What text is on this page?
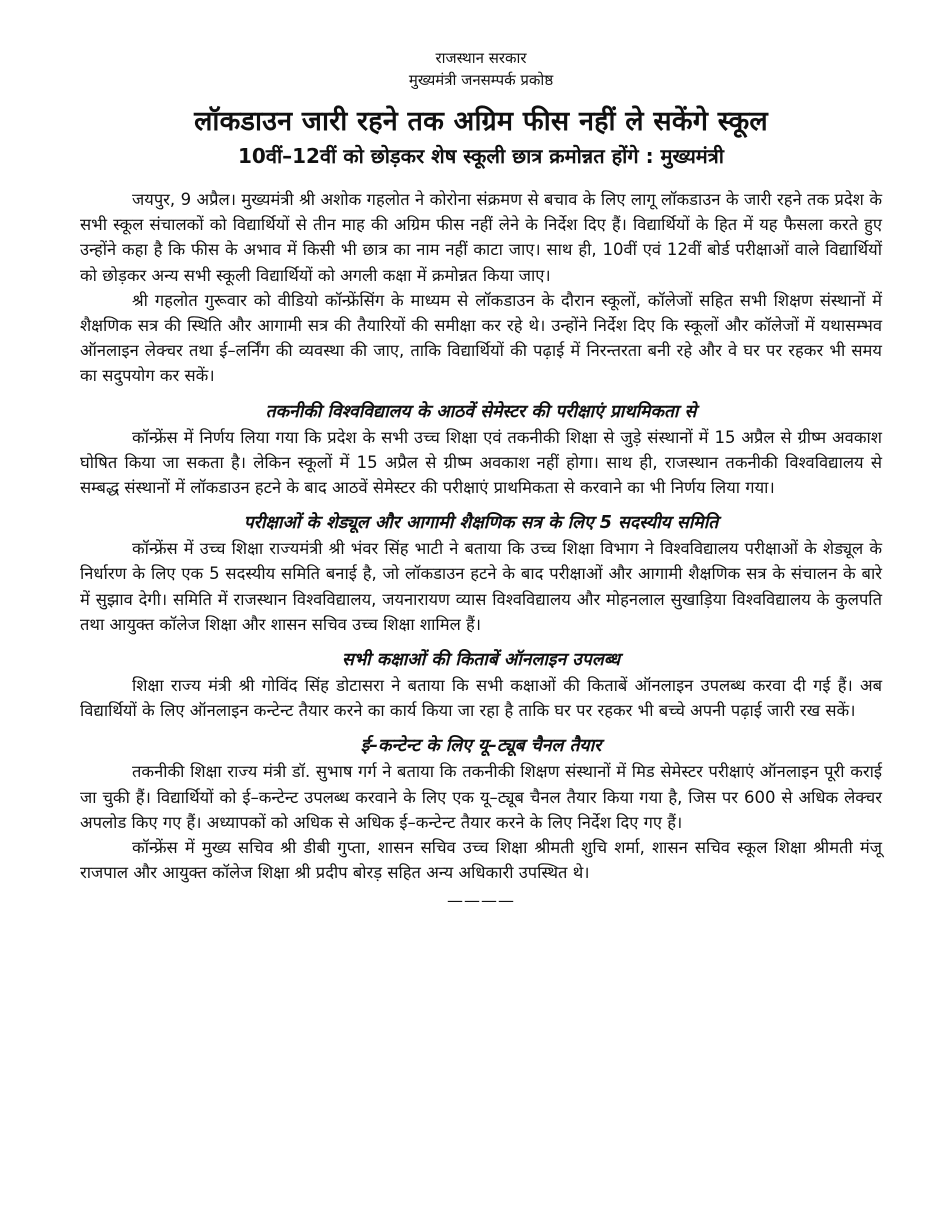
राजस्थान सरकार
मुख्यमंत्री जनसम्पर्क प्रकोष्ठ
लॉकडाउन जारी रहने तक अग्रिम फीस नहीं ले सकेंगे स्कूल
10वीं–12वीं को छोड़कर शेष स्कूली छात्र क्रमोन्नत होंगे : मुख्यमंत्री

जयपुर, 9 अप्रैल। मुख्यमंत्री श्री अशोक गहलोत ने कोरोना संक्रमण से बचाव के लिए लागू लॉकडाउन के जारी रहने तक प्रदेश के सभी स्कूल संचालकों को विद्यार्थियों से तीन माह की अग्रिम फीस नहीं लेने के निर्देश दिए हैं। विद्यार्थियों के हित में यह फैसला करते हुए उन्होंने कहा है कि फीस के अभाव में किसी भी छात्र का नाम नहीं काटा जाए। साथ ही, 10वीं एवं 12वीं बोर्ड परीक्षाओं वाले विद्यार्थियों को छोड़कर अन्य सभी स्कूली विद्यार्थियों को अगली कक्षा में क्रमोन्नत किया जाए।

श्री गहलोत गुरूवार को वीडियो कॉन्फ्रेंसिंग के माध्यम से लॉकडाउन के दौरान स्कूलों, कॉलेजों सहित सभी शिक्षण संस्थानों में शैक्षणिक सत्र की स्थिति और आगामी सत्र की तैयारियों की समीक्षा कर रहे थे। उन्होंने निर्देश दिए कि स्कूलों और कॉलेजों में यथासम्भव ऑनलाइन लेक्चर तथा ई–लर्निंग की व्यवस्था की जाए, ताकि विद्यार्थियों की पढ़ाई में निरन्तरता बनी रहे और वे घर पर रहकर भी समय का सदुपयोग कर सकें।

तकनीकी विश्वविद्यालय के आठवें सेमेस्टर की परीक्षाएं प्राथमिकता से

कॉन्फ्रेंस में निर्णय लिया गया कि प्रदेश के सभी उच्च शिक्षा एवं तकनीकी शिक्षा से जुड़े संस्थानों में 15 अप्रैल से ग्रीष्म अवकाश घोषित किया जा सकता है। लेकिन स्कूलों में 15 अप्रैल से ग्रीष्म अवकाश नहीं होगा। साथ ही, राजस्थान तकनीकी विश्वविद्यालय से सम्बद्ध संस्थानों में लॉकडाउन हटने के बाद आठवें सेमेस्टर की परीक्षाएं प्राथमिकता से करवाने का भी निर्णय लिया गया।

परीक्षाओं के शेड्यूल और आगामी शैक्षणिक सत्र के लिए 5 सदस्यीय समिति

कॉन्फ्रेंस में उच्च शिक्षा राज्यमंत्री श्री भंवर सिंह भाटी ने बताया कि उच्च शिक्षा विभाग ने विश्वविद्यालय परीक्षाओं के शेड्यूल के निर्धारण के लिए एक 5 सदस्यीय समिति बनाई है, जो लॉकडाउन हटने के बाद परीक्षाओं और आगामी शैक्षणिक सत्र के संचालन के बारे में सुझाव देगी। समिति में राजस्थान विश्वविद्यालय, जयनारायण व्यास विश्वविद्यालय और मोहनलाल सुखाड़िया विश्वविद्यालय के कुलपति तथा आयुक्त कॉलेज शिक्षा और शासन सचिव उच्च शिक्षा शामिल हैं।

सभी कक्षाओं की किताबें ऑनलाइन उपलब्ध

शिक्षा राज्य मंत्री श्री गोविंद सिंह डोटासरा ने बताया कि सभी कक्षाओं की किताबें ऑनलाइन उपलब्ध करवा दी गई हैं। अब विद्यार्थियों के लिए ऑनलाइन कन्टेन्ट तैयार करने का कार्य किया जा रहा है ताकि घर पर रहकर भी बच्चे अपनी पढ़ाई जारी रख सकें।

ई–कन्टेन्ट के लिए यू–ट्यूब चैनल तैयार

तकनीकी शिक्षा राज्य मंत्री डॉ. सुभाष गर्ग ने बताया कि तकनीकी शिक्षण संस्थानों में मिड सेमेस्टर परीक्षाएं ऑनलाइन पूरी कराई जा चुकी हैं। विद्यार्थियों को ई–कन्टेन्ट उपलब्ध करवाने के लिए एक यू–ट्यूब चैनल तैयार किया गया है, जिस पर 600 से अधिक लेक्चर अपलोड किए गए हैं। अध्यापकों को अधिक से अधिक ई–कन्टेन्ट तैयार करने के लिए निर्देश दिए गए हैं।

कॉन्फ्रेंस में मुख्य सचिव श्री डीबी गुप्ता, शासन सचिव उच्च शिक्षा श्रीमती शुचि शर्मा, शासन सचिव स्कूल शिक्षा श्रीमती मंजू राजपाल और आयुक्त कॉलेज शिक्षा श्री प्रदीप बोरड़ सहित अन्य अधिकारी उपस्थित थे।

————
